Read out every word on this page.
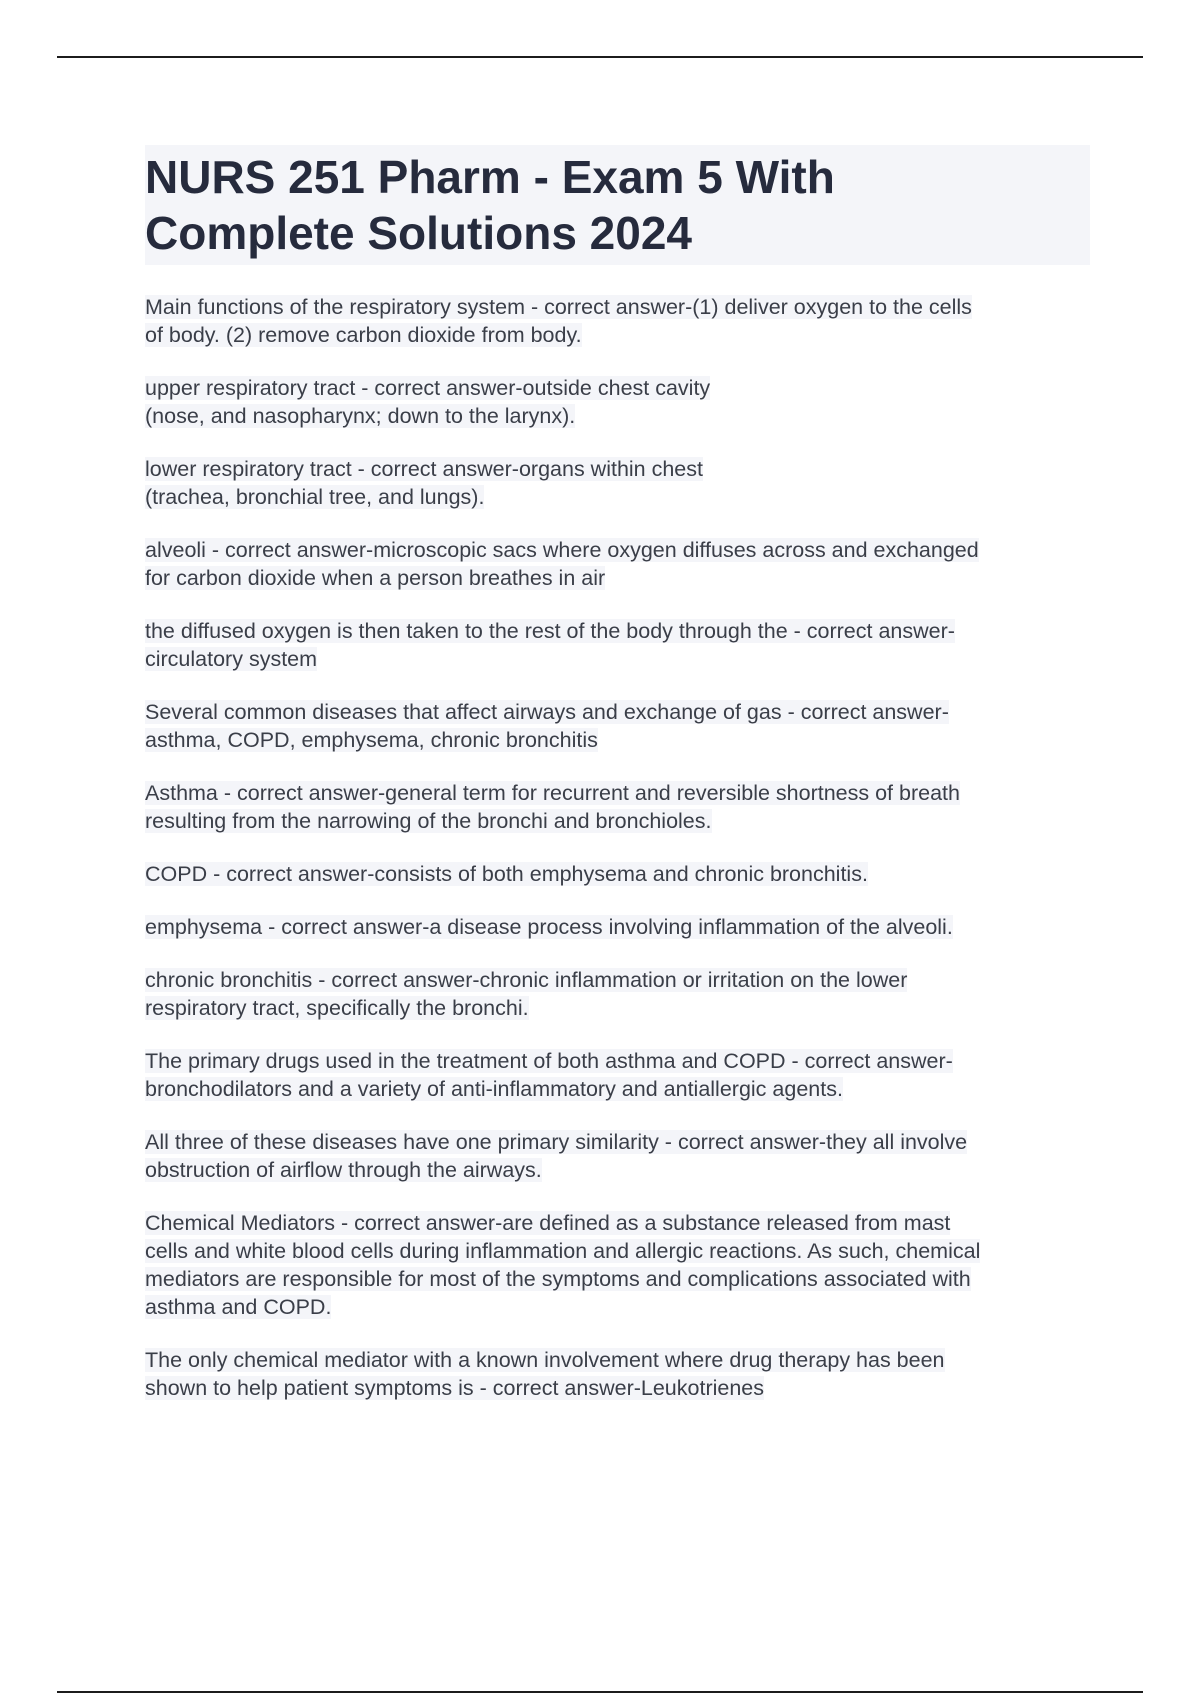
NURS 251 Pharm - Exam 5 With
Complete Solutions 2024
Main functions of the respiratory system - correct answer-(1) deliver oxygen to the cells
of body. (2) remove carbon dioxide from body.
upper respiratory tract - correct answer-outside chest cavity
(nose, and nasopharynx; down to the larynx).
lower respiratory tract - correct answer-organs within chest
(trachea, bronchial tree, and lungs).
alveoli - correct answer-microscopic sacs where oxygen diffuses across and exchanged
for carbon dioxide when a person breathes in air
the diffused oxygen is then taken to the rest of the body through the - correct answer-
circulatory system
Several common diseases that affect airways and exchange of gas - correct answer-
asthma, COPD, emphysema, chronic bronchitis
Asthma - correct answer-general term for recurrent and reversible shortness of breath
resulting from the narrowing of the bronchi and bronchioles.
COPD - correct answer-consists of both emphysema and chronic bronchitis.
emphysema - correct answer-a disease process involving inflammation of the alveoli.
chronic bronchitis - correct answer-chronic inflammation or irritation on the lower
respiratory tract, specifically the bronchi.
The primary drugs used in the treatment of both asthma and COPD - correct answer-
bronchodilators and a variety of anti-inflammatory and antiallergic agents.
All three of these diseases have one primary similarity - correct answer-they all involve
obstruction of airflow through the airways.
Chemical Mediators - correct answer-are defined as a substance released from mast
cells and white blood cells during inflammation and allergic reactions. As such, chemical
mediators are responsible for most of the symptoms and complications associated with
asthma and COPD.
The only chemical mediator with a known involvement where drug therapy has been
shown to help patient symptoms is - correct answer-Leukotrienes
